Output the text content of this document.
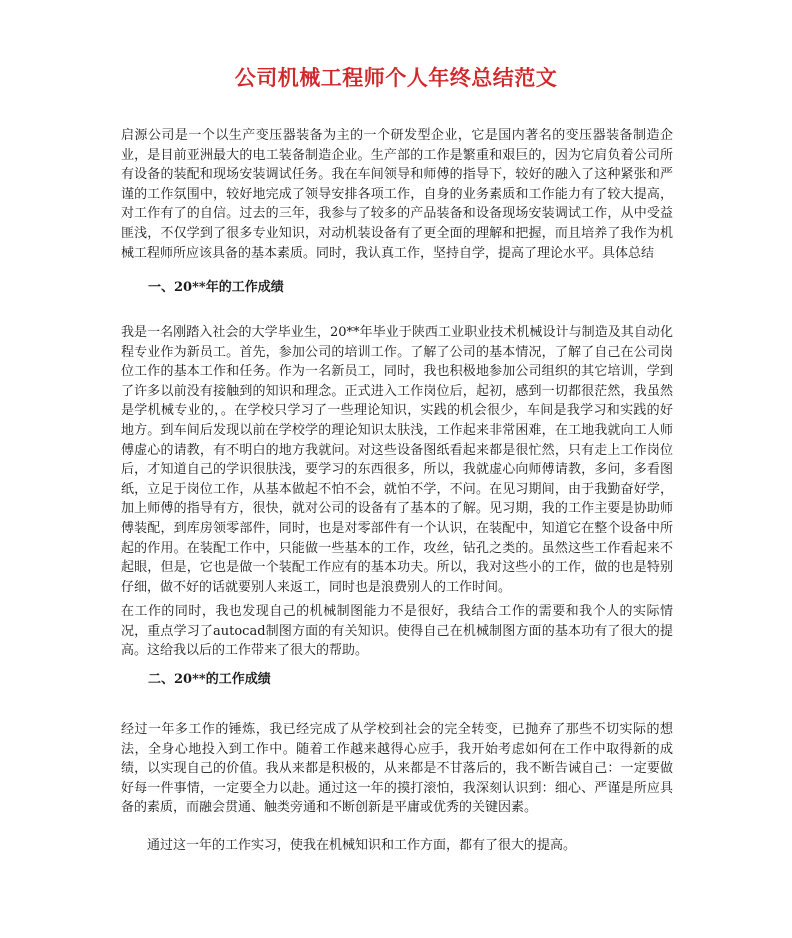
公司机械工程师个人年终总结范文

启源公司是一个以生产变压器装备为主的一个研发型企业，它是国内著名的变压器装备制造企业，是目前亚洲最大的电工装备制造企业。生产部的工作是繁重和艰巨的，因为它肩负着公司所有设备的装配和现场安装调试任务。我在车间领导和师傅的指导下，较好的融入了这种紧张和严谨的工作氛围中，较好地完成了领导安排各项工作，自身的业务素质和工作能力有了较大提高，对工作有了的自信。过去的三年，我参与了较多的产品装备和设备现场安装调试工作，从中受益匪浅，不仅学到了很多专业知识，对动机装设备有了更全面的理解和把握，而且培养了我作为机械工程师所应该具备的基本素质。同时，我认真工作，坚持自学，提高了理论水平。具体总结

一、20**年的工作成绩

我是一名刚踏入社会的大学毕业生，20**年毕业于陕西工业职业技术机械设计与制造及其自动化程专业作为新员工。首先，参加公司的培训工作。了解了公司的基本情况，了解了自己在公司岗位工作的基本工作和任务。作为一名新员工，同时，我也积极地参加公司组织的其它培训，学到了许多以前没有接触到的知识和理念。正式进入工作岗位后，起初，感到一切都很茫然，我虽然是学机械专业的，。在学校只学习了一些理论知识，实践的机会很少，车间是我学习和实践的好地方。到车间后发现以前在学校学的理论知识太肤浅，工作起来非常困难，在工地我就向工人师傅虚心的请教，有不明白的地方我就问。对这些设备图纸看起来都是很忙然，只有走上工作岗位后，才知道自己的学识很肤浅，要学习的东西很多，所以，我就虚心向师傅请教，多问，多看图纸，立足于岗位工作，从基本做起不怕不会，就怕不学，不问。在见习期间，由于我勤奋好学，加上师傅的指导有方，很快，就对公司的设备有了基本的了解。见习期，我的工作主要是协助师傅装配，到库房领零部件，同时，也是对零部件有一个认识，在装配中，知道它在整个设备中所起的作用。在装配工作中，只能做一些基本的工作，攻丝，钻孔之类的。虽然这些工作看起来不起眼，但是，它也是做一个装配工作应有的基本功夫。所以，我对这些小的工作，做的也是特别仔细，做不好的话就要别人来返工，同时也是浪费别人的工作时间。

在工作的同时，我也发现自己的机械制图能力不是很好，我结合工作的需要和我个人的实际情况，重点学习了autocad制图方面的有关知识。使得自己在机械制图方面的基本功有了很大的提高。这给我以后的工作带来了很大的帮助。

二、20**的工作成绩

经过一年多工作的锤炼，我已经完成了从学校到社会的完全转变，已抛弃了那些不切实际的想法，全身心地投入到工作中。随着工作越来越得心应手，我开始考虑如何在工作中取得新的成绩，以实现自己的价值。我从来都是积极的，从来都是不甘落后的，我不断告诫自己：一定要做好每一件事情，一定要全力以赴。通过这一年的摸打滚怕，我深刻认识到：细心、严谨是所应具备的素质，而融会贯通、触类旁通和不断创新是平庸或优秀的关键因素。

通过这一年的工作实习，使我在机械知识和工作方面，都有了很大的提高。
